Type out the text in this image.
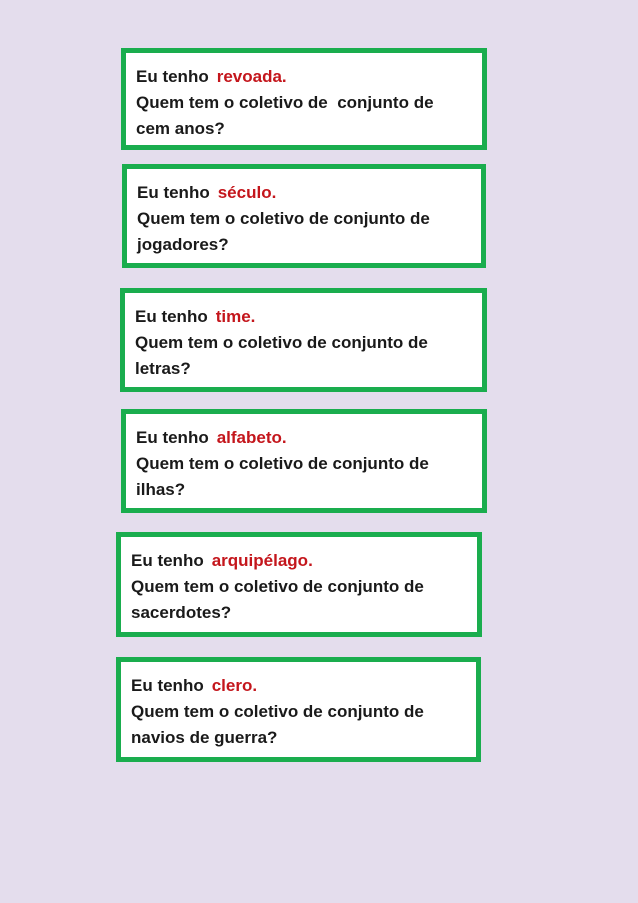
Eu tenho revoada.
Quem tem o coletivo de  conjunto de
cem anos?
Eu tenho século.
Quem tem o coletivo de conjunto de
jogadores?
Eu tenho time.
Quem tem o coletivo de conjunto de
letras?
Eu tenho alfabeto.
Quem tem o coletivo de conjunto de
ilhas?
Eu tenho arquipélago.
Quem tem o coletivo de conjunto de
sacerdotes?
Eu tenho clero.
Quem tem o coletivo de conjunto de
navios de guerra?
